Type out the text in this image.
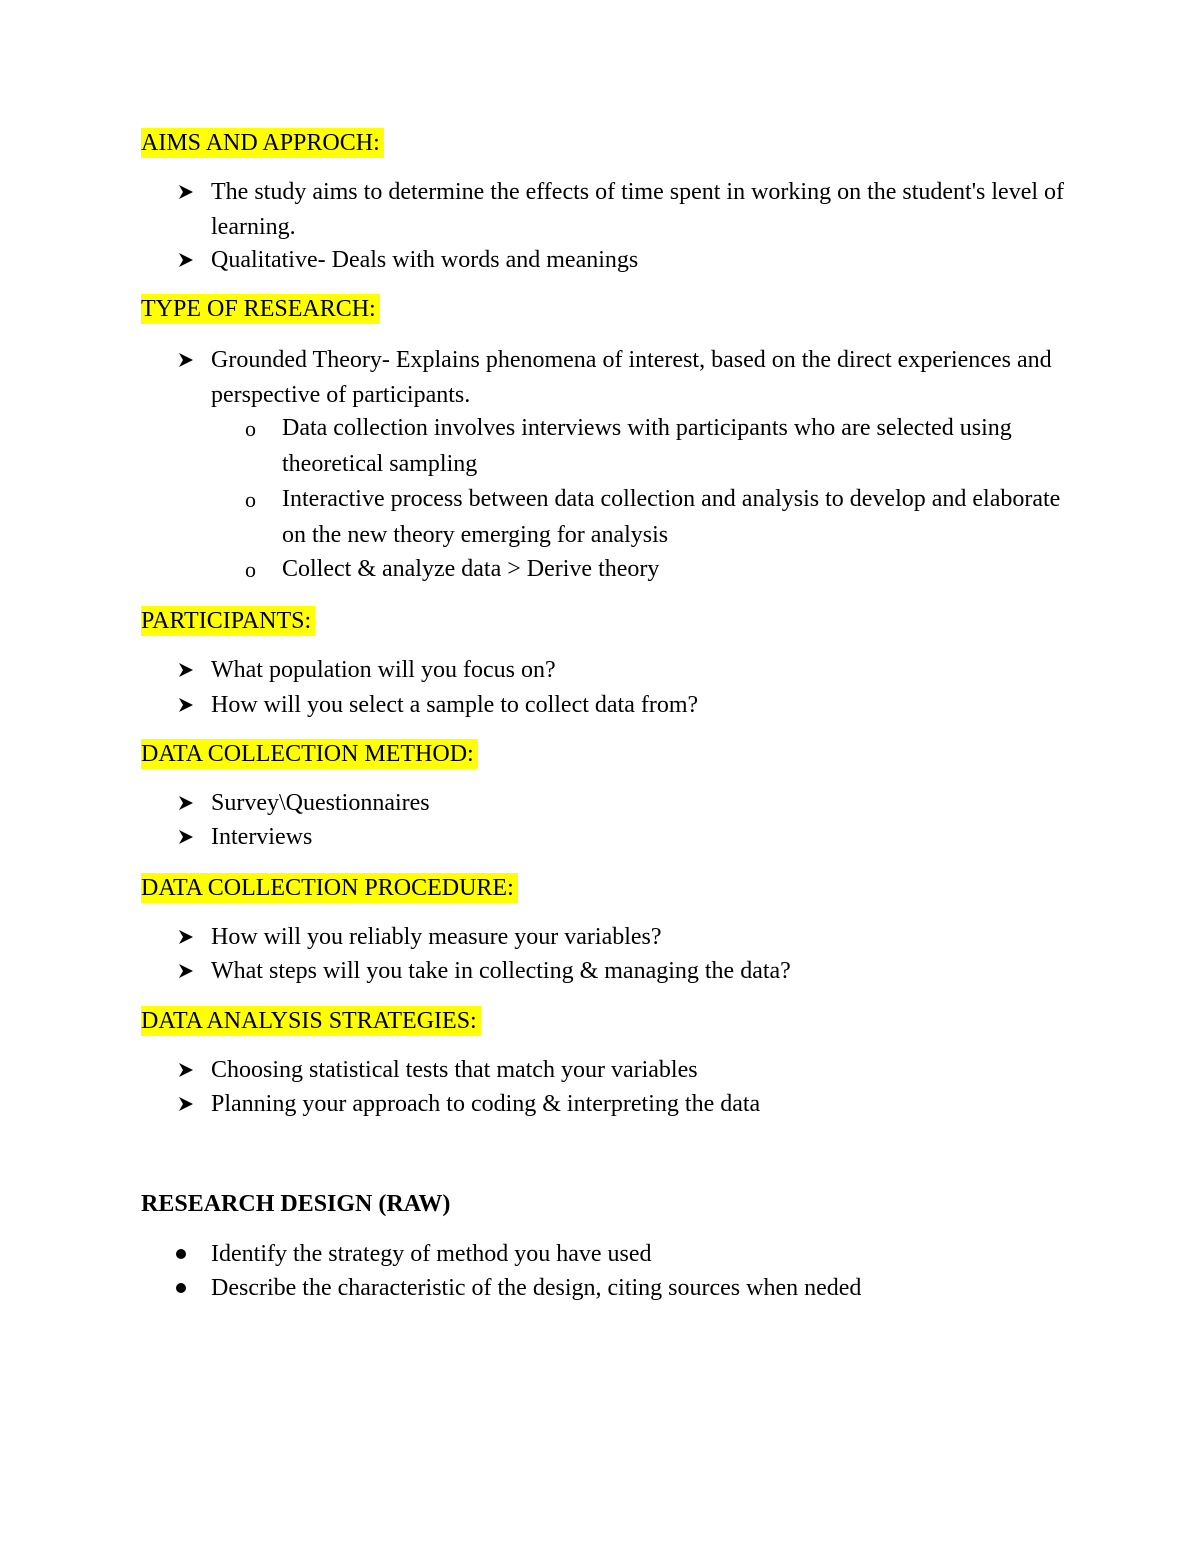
AIMS AND APPROCH:
The study aims to determine the effects of time spent in working on the student's level of learning.
Qualitative- Deals with words and meanings
TYPE OF RESEARCH:
Grounded Theory- Explains phenomena of interest, based on the direct experiences and perspective of participants.
o Data collection involves interviews with participants who are selected using theoretical sampling
o Interactive process between data collection and analysis to develop and elaborate on the new theory emerging for analysis
o Collect & analyze data > Derive theory
PARTICIPANTS:
What population will you focus on?
How will you select a sample to collect data from?
DATA COLLECTION METHOD:
Survey\Questionnaires
Interviews
DATA COLLECTION PROCEDURE:
How will you reliably measure your variables?
What steps will you take in collecting & managing the data?
DATA ANALYSIS STRATEGIES:
Choosing statistical tests that match your variables
Planning your approach to coding & interpreting the data
RESEARCH DESIGN (RAW)
Identify the strategy of method you have used
Describe the characteristic of the design, citing sources when neded
